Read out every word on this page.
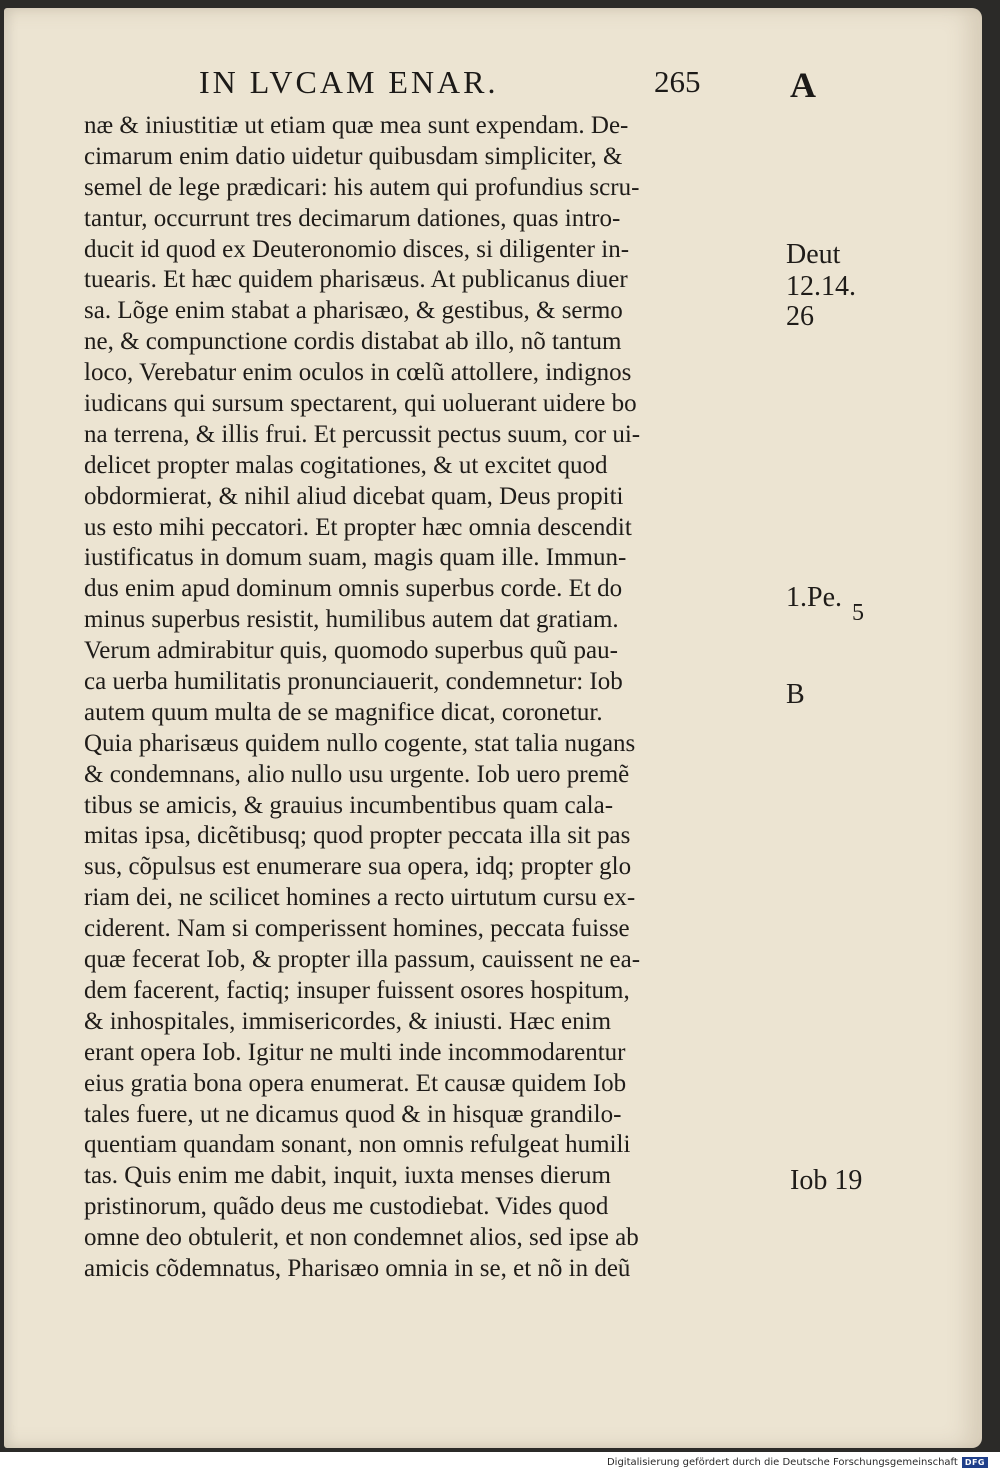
IN LVCAM ENAR.	265 A
næ & iniustitiæ ut etiam quæ mea sunt expendam. De-
cimarum enim datio uidetur quibusdam simpliciter, &
semel de lege prædicari: his autem qui profundius scru-
tantur, occurrunt tres decimarum dationes, quas intro-
ducit id quod ex Deuteronomio disces, si diligenter in-
tuearis. Et hæc quidem pharisæus. At publicanus diuer
sa. Lõge enim stabat a pharisæo, & gestibus, & sermo
ne, & compunctione cordis distabat ab illo, nõ tantum
loco, Verebatur enim oculos in cœlũ attollere, indignos
iudicans qui sursum spectarent, qui uoluerant uidere bo
na terrena, & illis frui. Et percussit pectus suum, cor ui-
delicet propter malas cogitationes, & ut excitet quod
obdormierat, & nihil aliud dicebat quam, Deus propiti
us esto mihi peccatori. Et propter hæc omnia descendit
iustificatus in domum suam, magis quam ille. Immun-
dus enim apud dominum omnis superbus corde. Et do
minus superbus resistit, humilibus autem dat gratiam.
Verum admirabitur quis, quomodo superbus quũ pau-
ca uerba humilitatis pronunciauerit, condemnetur: Iob
autem quum multa de se magnifice dicat, coronetur.
Quia pharisæus quidem nullo cogente, stat talia nugans
& condemnans, alio nullo usu urgente. Iob uero premẽ
tibus se amicis, & grauius incumbentibus quam cala-
mitas ipsa, dicẽtibusq; quod propter peccata illa sit pas
sus, cõpulsus est enumerare sua opera, idq; propter glo
riam dei, ne scilicet homines a recto uirtutum cursu ex-
ciderent. Nam si comperissent homines, peccata fuisse
quæ fecerat Iob, & propter illa passum, cauissent ne ea-
dem facerent, factiq; insuper fuissent osores hospitum,
& inhospitales, immisericordes, & iniusti. Hæc enim
erant opera Iob. Igitur ne multi inde incommodarentur
eius gratia bona opera enumerat. Et causæ quidem Iob
tales fuere, ut ne dicamus quod & in hisquæ grandilo-
quentiam quandam sonant, non omnis refulgeat humili
tas. Quis enim me dabit, inquit, iuxta menses dierum
pristinorum, quãdo deus me custodiebat. Vides quod
omne deo obtulerit, et non condemnet alios, sed ipse ab
amicis cõdemnatus, Pharisæo omnia in se, et nõ in deũ
Deut
12.14.
26
1.Pe. 5
B
Iob 19
Digitalisierung gefördert durch die Deutsche Forschungsgemeinschaft DFG
